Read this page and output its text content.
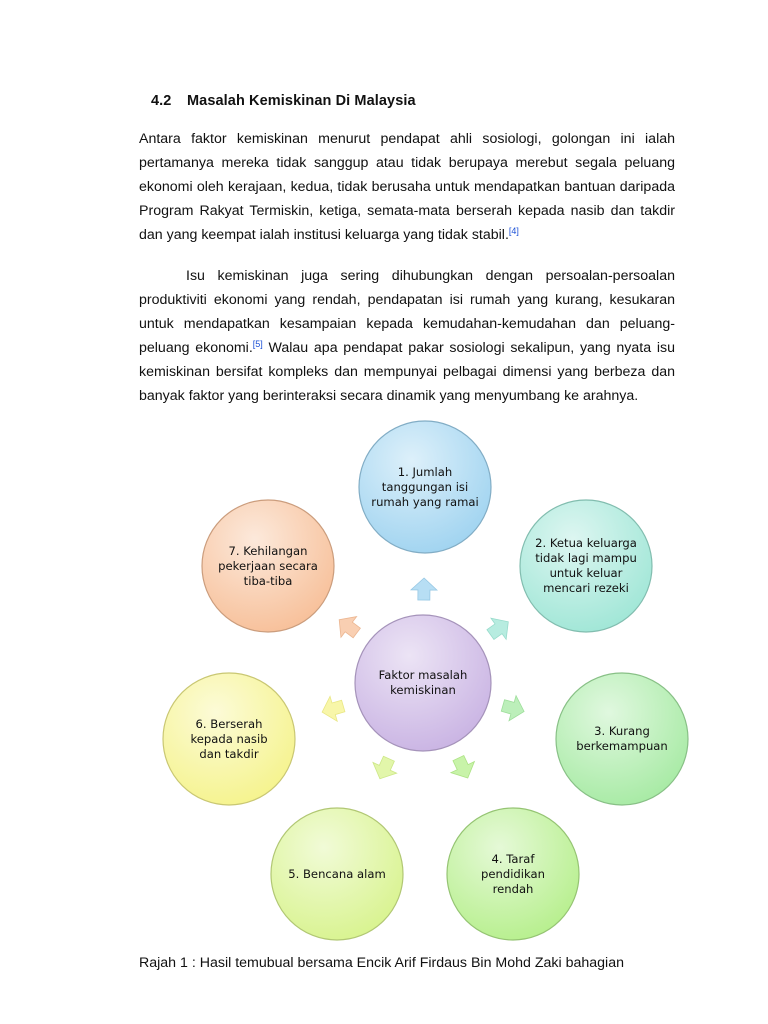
4.2 Masalah Kemiskinan Di Malaysia

Antara faktor kemiskinan menurut pendapat ahli sosiologi, golongan ini ialah pertamanya mereka tidak sanggup atau tidak berupaya merebut segala peluang ekonomi oleh kerajaan, kedua, tidak berusaha untuk mendapatkan bantuan daripada Program Rakyat Termiskin, ketiga, semata-mata berserah kepada nasib dan takdir dan yang keempat ialah institusi keluarga yang tidak stabil.[4]

Isu kemiskinan juga sering dihubungkan dengan persoalan-persoalan produktiviti ekonomi yang rendah, pendapatan isi rumah yang kurang, kesukaran untuk mendapatkan kesampaian kepada kemudahan-kemudahan dan peluang-peluang ekonomi.[5] Walau apa pendapat pakar sosiologi sekalipun, yang nyata isu kemiskinan bersifat kompleks dan mempunyai pelbagai dimensi yang berbeza dan banyak faktor yang berinteraksi secara dinamik yang menyumbang ke arahnya.

1. Jumlah tanggungan isi rumah yang ramai
2. Ketua keluarga tidak lagi mampu untuk keluar mencari rezeki
3. Kurang berkemampuan
4. Taraf pendidikan rendah
5. Bencana alam
6. Berserah kepada nasib dan takdir
7. Kehilangan pekerjaan secara tiba-tiba
Faktor masalah kemiskinan
Rajah 1 : Hasil temubual bersama Encik Arif Firdaus Bin Mohd Zaki bahagian
